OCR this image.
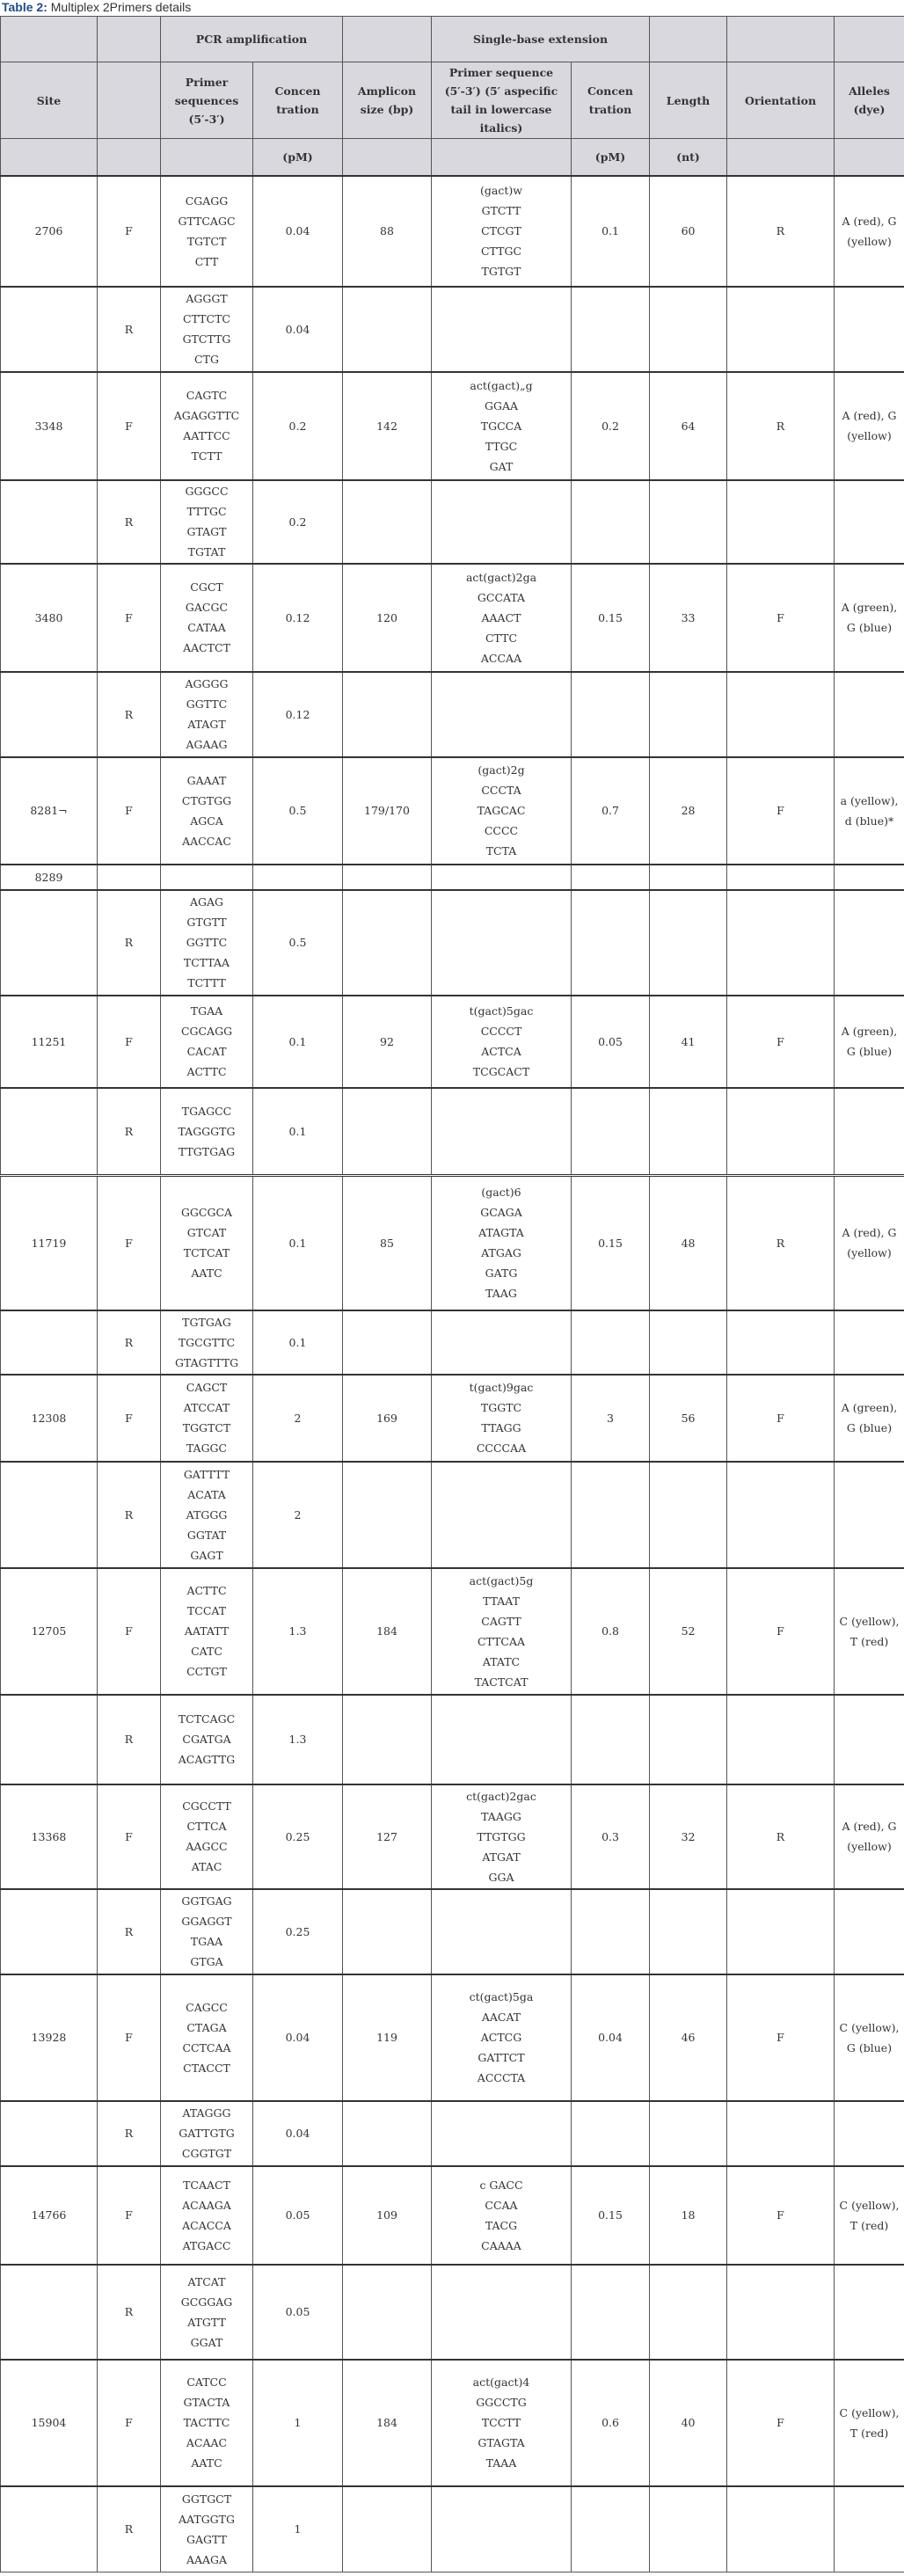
Table 2: Multiplex 2Primers details
		PCR amplification			Single-base extension				
Site		Primer sequences (5′-3′)	Concen tration	Amplicon size (bp)	Primer sequence (5′-3′) (5′ aspecific tail in lowercase italics)	Concen tration	Length	Orientation	Alleles (dye)
			(pM)			(pM)	(nt)		
2706	F	CGAGG
GTTCAGC
TGTCT
CTT	0.04	88	(gact)w
GTCTT
CTCGT
CTTGC
TGTGT	0.1	60	R	A (red), G (yellow)
	R	AGGGT
CTTCTC
GTCTTG
CTG	0.04						
3348	F	CAGTC
AGAGGTTC
AATTCC
TCTT	0.2	142	act(gact)„g
GGAA
TGCCA
TTGC
GAT	0.2	64	R	A (red), G (yellow)
	R	GGGCC
TTTGC
GTAGT
TGTAT	0.2						
3480	F	CGCT
GACGC
CATAA
AACTCT	0.12	120	act(gact)2ga
GCCATA
AAACT
CTTC
ACCAA	0.15	33	F	A (green), G (blue)
	R	AGGGG
GGTTC
ATAGT
AGAAG	0.12						
8281¬	F	GAAAT
CTGTGG
AGCA
AACCAC	0.5	179/170	(gact)2g
CCCTA
TAGCAC
CCCC
TCTA	0.7	28	F	a (yellow), d (blue)*
8289									
	R	AGAG
GTGTT
GGTTC
TCTTAA
TCTTT	0.5						
11251	F	TGAA
CGCAGG
CACAT
ACTTC	0.1	92	t(gact)5gac
CCCCT
ACTCA
TCGCACT	0.05	41	F	A (green), G (blue)
	R	TGAGCC
TAGGGTG
TTGTGAG	0.1						
11719	F	
GGCGCA
GTCAT
TCTCAT
AATC
	0.1	85	
(gact)6
GCAGA
ATAGTA
ATGAG
GATG
TAAG
	0.15	48	R	A (red), G (yellow)
	R	TGTGAG
TGCGTTC
GTAGTTTG	0.1						
12308	F	CAGCT
ATCCAT
TGGTCT
TAGGC	2	169	t(gact)9gac
TGGTC
TTAGG
CCCCAA	3	56	F	A (green), G (blue)
	R	GATTTT
ACATA
ATGGG
GGTAT
GAGT	2						
12705	F	
ACTTC
TCCAT
AATATT
CATC
CCTGT
	1.3	184	
act(gact)5g
TTAAT
CAGTT
CTTCAA
ATATC
TACTCAT
	0.8	52	F	C (yellow), T (red)
	R	TCTCAGC
CGATGA
ACAGTTG	1.3						
13368	F	CGCCTT
CTTCA
AAGCC
ATAC	0.25	127	ct(gact)2gac
TAAGG
TTGTGG
ATGAT
GGA	0.3	32	R	A (red), G (yellow)
	R	GGTGAG
GGAGGT
TGAA
GTGA	0.25						
13928	F	CAGCC
CTAGA
CCTCAA
CTACCT	0.04	119	ct(gact)5ga
AACAT
ACTCG
GATTCT
ACCCTA	0.04	46	F	C (yellow), G (blue)
	R	ATAGGG
GATTGTG
CGGTGT	0.04						
14766	F	TCAACT
ACAAGA
ACACCA
ATGACC	0.05	109	c GACC
CCAA
TACG
CAAAA	0.15	18	F	C (yellow), T (red)
	R	ATCAT
GCGGAG
ATGTT
GGAT	0.05						
15904	F	CATCC
GTACTA
TACTTC
ACAAC
AATC	1	184	act(gact)4
GGCCTG
TCCTT
GTAGTA
TAAA	0.6	40	F	C (yellow), T (red)
	R	GGTGCT
AATGGTG
GAGTT
AAAGA	1						
